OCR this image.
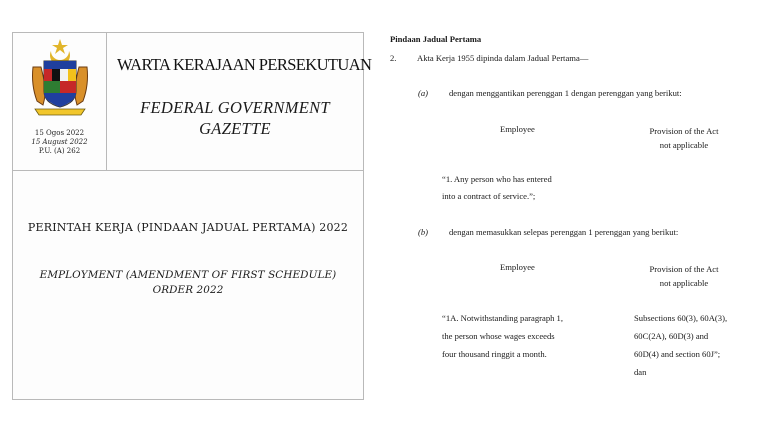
15 Ogos 2022
15 August 2022
P.U. (A) 262
WARTA KERAJAAN PERSEKUTUAN
FEDERAL GOVERNMENT GAZETTE
PERINTAH KERJA (PINDAAN JADUAL PERTAMA) 2022
EMPLOYMENT (AMENDMENT OF FIRST SCHEDULE)
ORDER 2022
Pindaan Jadual Pertama
2. Akta Kerja 1955 dipinda dalam Jadual Pertama—
(a) dengan menggantikan perenggan 1 dengan perenggan yang berikut:
Employee	Provision of the Act
not applicable
“1. Any person who has entered
into a contract of service.”;
(b) dengan memasukkan selepas perenggan 1 perenggan yang berikut:
Employee	Provision of the Act
not applicable
“1A. Notwithstanding paragraph 1,
the person whose wages exceeds
four thousand ringgit a month.
Subsections 60(3), 60A(3),
60C(2A), 60D(3) and
60D(4) and section 60J”;
dan
